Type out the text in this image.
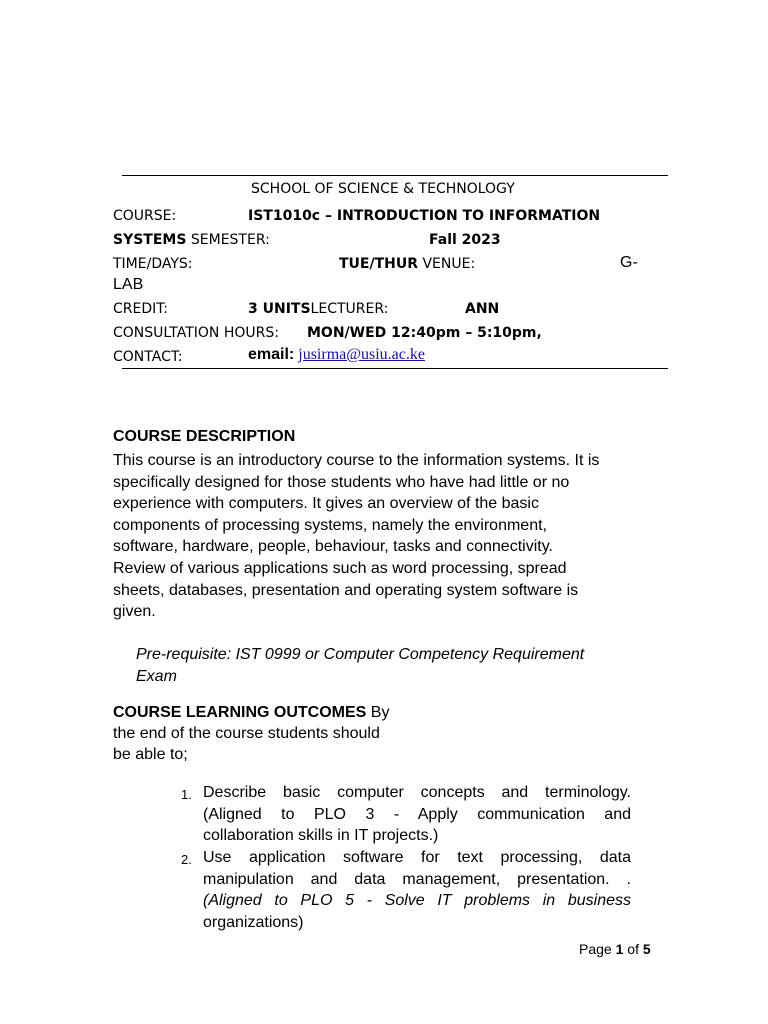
SCHOOL OF SCIENCE & TECHNOLOGY
COURSE:	IST1010c – INTRODUCTION TO INFORMATION
SYSTEMS SEMESTER:	Fall 2023
TIME/DAYS:	TUE/THUR VENUE:	G-
LAB
CREDIT:	3 UNITSLECTURER:	ANN
CONSULTATION HOURS: MON/WED 12:40pm – 5:10pm,
CONTACT:	email: jusirma@usiu.ac.ke
COURSE DESCRIPTION
This course is an introductory course to the information systems. It is
specifically designed for those students who have had little or no
experience with computers. It gives an overview of the basic
components of processing systems, namely the environment,
software, hardware, people, behaviour, tasks and connectivity.
Review of various applications such as word processing, spread
sheets, databases, presentation and operating system software is
given.
Pre-requisite: IST 0999 or Computer Competency Requirement
Exam
COURSE LEARNING OUTCOMES By
the end of the course students should
be able to;
1. Describe basic computer concepts and terminology.
(Aligned to PLO 3 - Apply communication and
collaboration skills in IT projects.)
2. Use application software for text processing, data
manipulation and data management, presentation. .
(Aligned to PLO 5 - Solve IT problems in business
organizations)
Page 1 of 5
